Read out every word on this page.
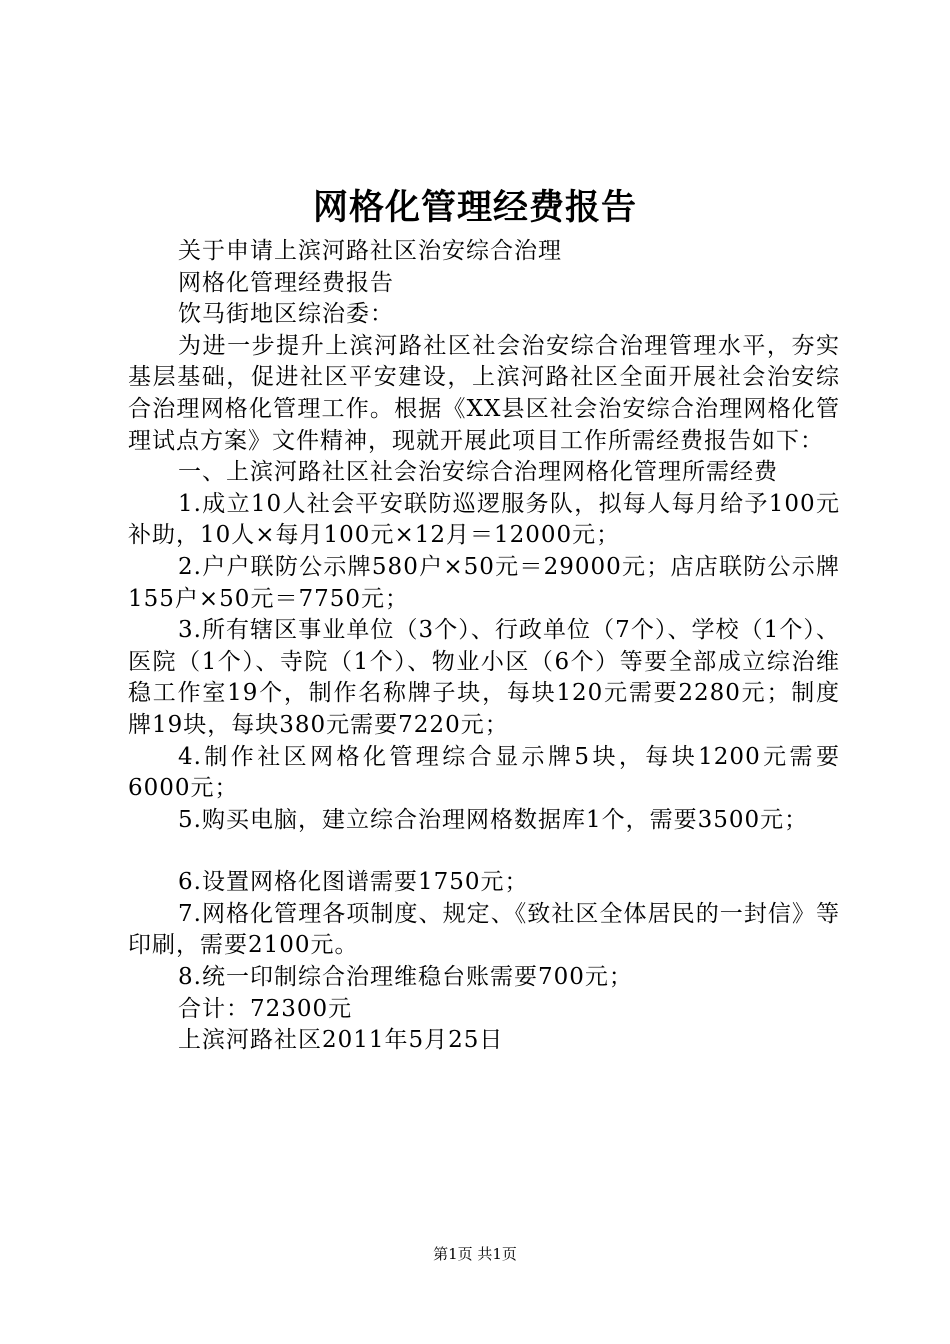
网格化管理经费报告

关于申请上滨河路社区治安综合治理

网格化管理经费报告

饮马街地区综治委：

为进一步提升上滨河路社区社会治安综合治理管理水平，夯实基层基础，促进社区平安建设，上滨河路社区全面开展社会治安综合治理网格化管理工作。根据《XX县区社会治安综合治理网格化管理试点方案》文件精神，现就开展此项目工作所需经费报告如下：

一、上滨河路社区社会治安综合治理网格化管理所需经费

1.成立10人社会平安联防巡逻服务队，拟每人每月给予100元补助，10人×每月100元×12月＝12000元；

2.户户联防公示牌580户×50元＝29000元；店店联防公示牌155户×50元＝7750元；

3.所有辖区事业单位（3个）、行政单位（7个）、学校（1个）、医院（1个）、寺院（1个）、物业小区（6个）等要全部成立综治维稳工作室19个，制作名称牌子块，每块120元需要2280元；制度牌19块，每块380元需要7220元；

4.制作社区网格化管理综合显示牌5块，每块1200元需要6000元；

5.购买电脑，建立综合治理网格数据库1个，需要3500元；

6.设置网格化图谱需要1750元；

7.网格化管理各项制度、规定、《致社区全体居民的一封信》等印刷，需要2100元。

8.统一印制综合治理维稳台账需要700元；

合计：72300元

上滨河路社区2011年5月25日

第1页 共1页
